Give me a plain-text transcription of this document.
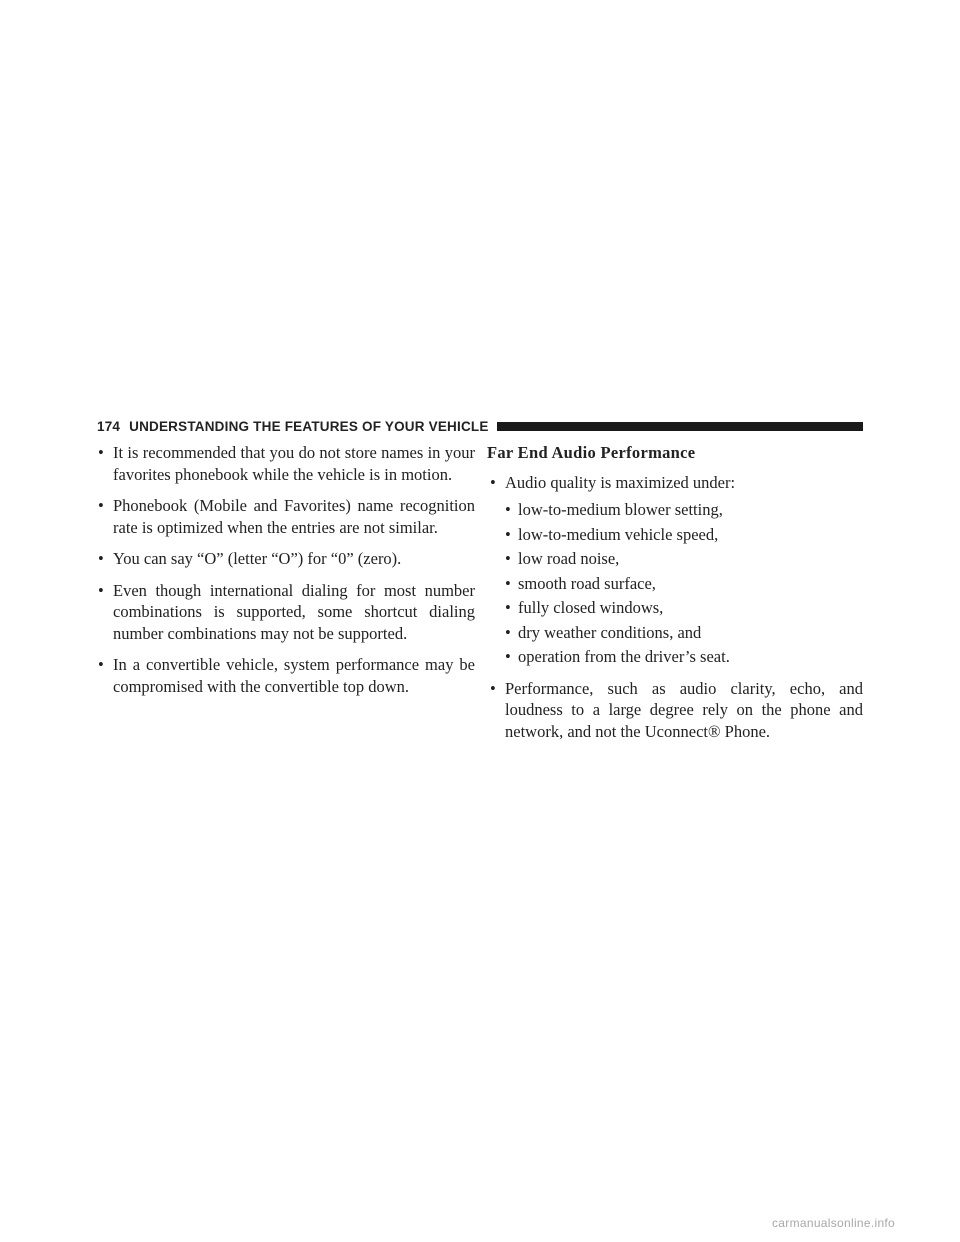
174 UNDERSTANDING THE FEATURES OF YOUR VEHICLE
• It is recommended that you do not store names in your favorites phonebook while the vehicle is in motion.
• Phonebook (Mobile and Favorites) name recognition rate is optimized when the entries are not similar.
• You can say “O” (letter “O”) for “0” (zero).
• Even though international dialing for most number combinations is supported, some shortcut dialing number combinations may not be supported.
• In a convertible vehicle, system performance may be compromised with the convertible top down.
Far End Audio Performance
• Audio quality is maximized under:
• low-to-medium blower setting,
• low-to-medium vehicle speed,
• low road noise,
• smooth road surface,
• fully closed windows,
• dry weather conditions, and
• operation from the driver’s seat.
• Performance, such as audio clarity, echo, and loudness to a large degree rely on the phone and network, and not the Uconnect® Phone.
carmanualsonline.info
